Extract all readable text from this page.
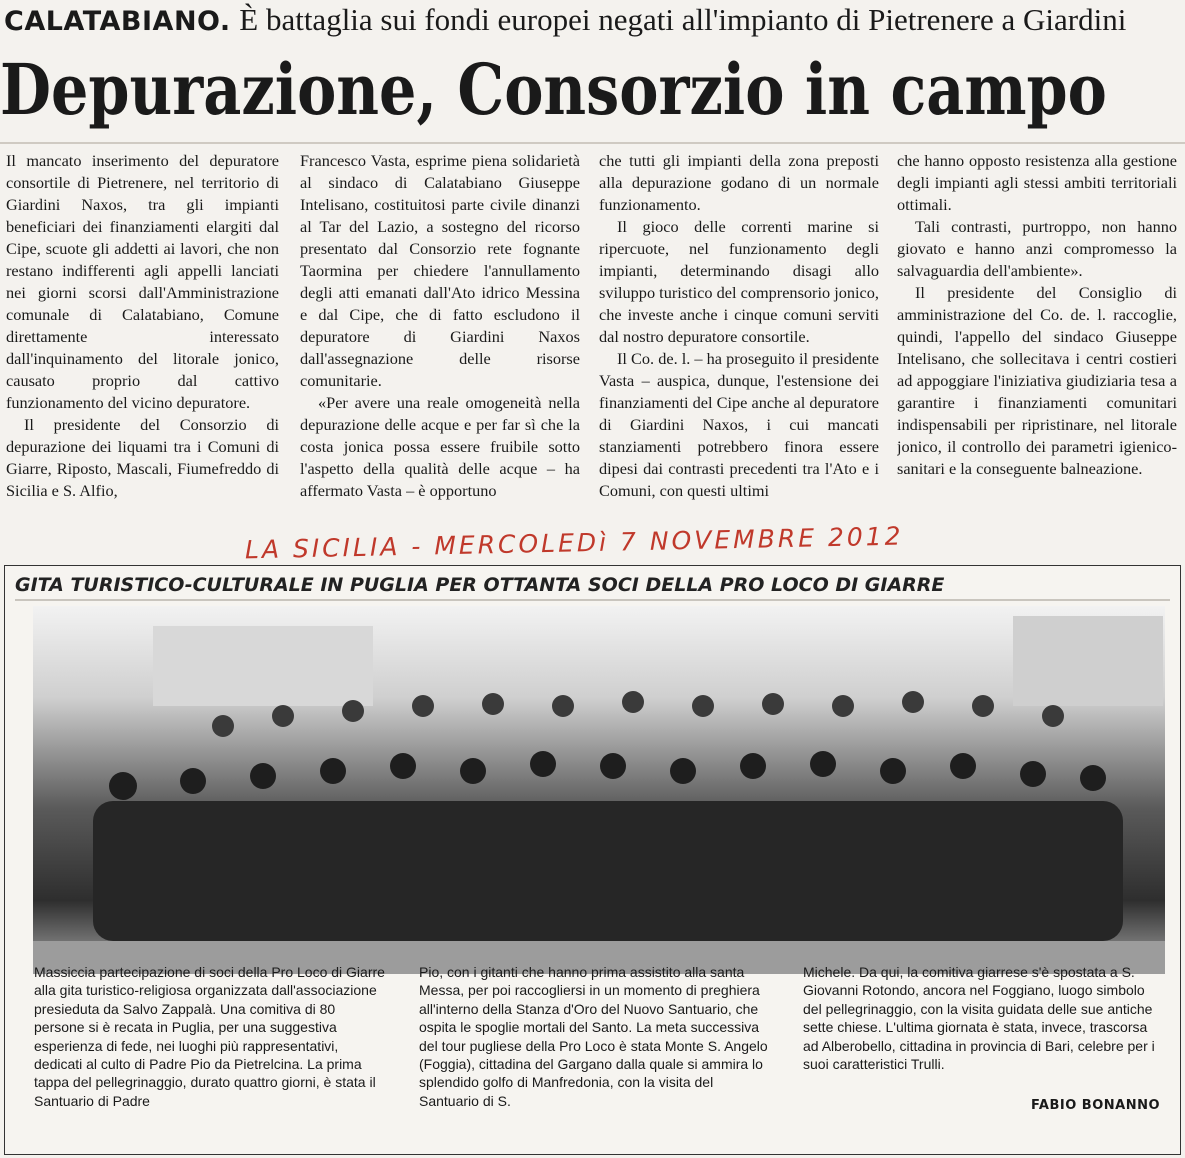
CALATABIANO. È battaglia sui fondi europei negati all'impianto di Pietrenere a Giardini
Depurazione, Consorzio in campo

Il mancato inserimento del depuratore consortile di Pietrenere, nel territorio di Giardini Naxos, tra gli impianti beneficiari dei finanziamenti elargiti dal Cipe, scuote gli addetti ai lavori, che non restano indifferenti agli appelli lanciati nei giorni scorsi dall'Amministrazione comunale di Calatabiano, Comune direttamente interessato dall'inquinamento del litorale jonico, causato proprio dal cattivo funzionamento del vicino depuratore.

Il presidente del Consorzio di depurazione dei liquami tra i Comuni di Giarre, Riposto, Mascali, Fiumefreddo di Sicilia e S. Alfio,

Francesco Vasta, esprime piena solidarietà al sindaco di Calatabiano Giuseppe Intelisano, costituitosi parte civile dinanzi al Tar del Lazio, a sostegno del ricorso presentato dal Consorzio rete fognante Taormina per chiedere l'annullamento degli atti emanati dall'Ato idrico Messina e dal Cipe, che di fatto escludono il depuratore di Giardini Naxos dall'assegnazione delle risorse comunitarie.

«Per avere una reale omogeneità nella depurazione delle acque e per far sì che la costa jonica possa essere fruibile sotto l'aspetto della qualità delle acque – ha affermato Vasta – è opportuno

che tutti gli impianti della zona preposti alla depurazione godano di un normale funzionamento.

Il gioco delle correnti marine si ripercuote, nel funzionamento degli impianti, determinando disagi allo sviluppo turistico del comprensorio jonico, che investe anche i cinque comuni serviti dal nostro depuratore consortile.

Il Co. de. l. – ha proseguito il presidente Vasta – auspica, dunque, l'estensione dei finanziamenti del Cipe anche al depuratore di Giardini Naxos, i cui mancati stanziamenti potrebbero finora essere dipesi dai contrasti precedenti tra l'Ato e i Comuni, con questi ultimi

che hanno opposto resistenza alla gestione degli impianti agli stessi ambiti territoriali ottimali.

Tali contrasti, purtroppo, non hanno giovato e hanno anzi compromesso la salvaguardia dell'ambiente».

Il presidente del Consiglio di amministrazione del Co. de. l. raccoglie, quindi, l'appello del sindaco Giuseppe Intelisano, che sollecitava i centri costieri ad appoggiare l'iniziativa giudiziaria tesa a garantire i finanziamenti comunitari indispensabili per ripristinare, nel litorale jonico, il controllo dei parametri igienico-sanitari e la conseguente balneazione.

LA SICILIA - MERCOLEDì 7 NOVEMBRE 2012
GITA TURISTICO-CULTURALE IN PUGLIA PER OTTANTA SOCI DELLA PRO LOCO DI GIARRE
Massiccia partecipazione di soci della Pro Loco di Giarre alla gita turistico-religiosa organizzata dall'associazione presieduta da Salvo Zappalà. Una comitiva di 80 persone si è recata in Puglia, per una suggestiva esperienza di fede, nei luoghi più rappresentativi, dedicati al culto di Padre Pio da Pietrelcina. La prima tappa del pellegrinaggio, durato quattro giorni, è stata il Santuario di Padre
Pio, con i gitanti che hanno prima assistito alla santa Messa, per poi raccogliersi in un momento di preghiera all'interno della Stanza d'Oro del Nuovo Santuario, che ospita le spoglie mortali del Santo. La meta successiva del tour pugliese della Pro Loco è stata Monte S. Angelo (Foggia), cittadina del Gargano dalla quale si ammira lo splendido golfo di Manfredonia, con la visita del Santuario di S.
Michele. Da qui, la comitiva giarrese s'è spostata a S. Giovanni Rotondo, ancora nel Foggiano, luogo simbolo del pellegrinaggio, con la visita guidata delle sue antiche sette chiese. L'ultima giornata è stata, invece, trascorsa ad Alberobello, cittadina in provincia di Bari, celebre per i suoi caratteristici Trulli.
FABIO BONANNO
